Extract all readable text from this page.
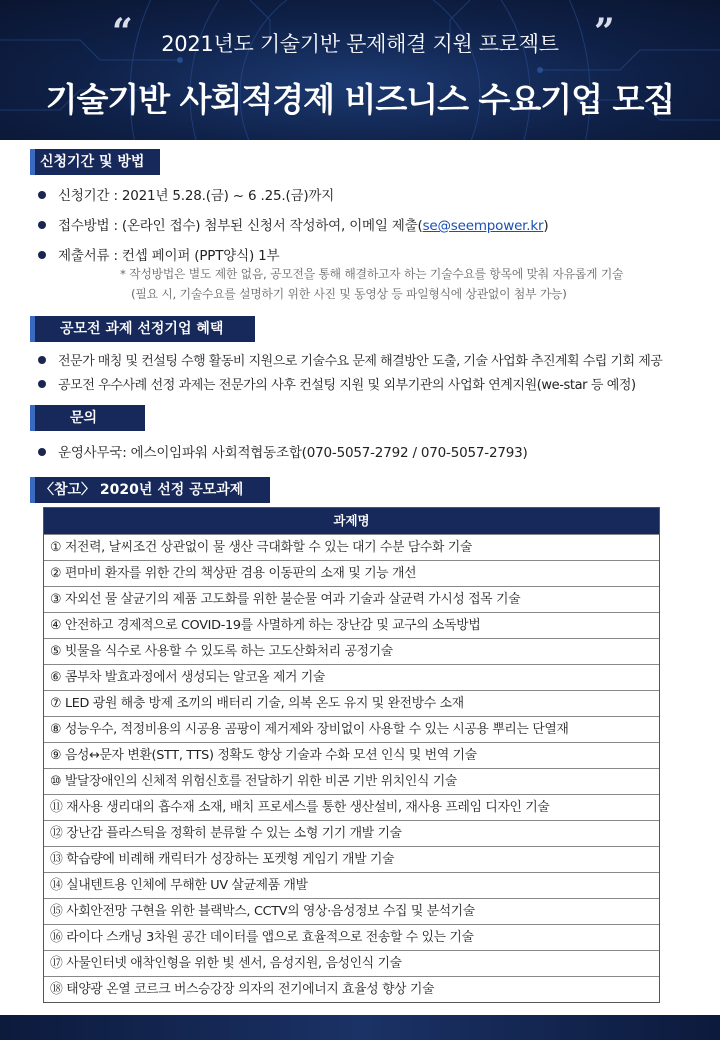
“	”
2021년도 기술기반 문제해결 지원 프로젝트
기술기반 사회적경제 비즈니스 수요기업 모집
신청기간 및 방법
신청기간 : 2021년 5.28.(금) ~ 6 .25.(금)까지
접수방법 : (온라인 접수) 첨부된 신청서 작성하여, 이메일 제출(se@seempower.kr)
제출서류 : 컨셉 페이퍼 (PPT양식) 1부
* 작성방법은 별도 제한 없음, 공모전을 통해 해결하고자 하는 기술수요를 항목에 맞춰 자유롭게 기술
(필요 시, 기술수요를 설명하기 위한 사진 및 동영상 등 파일형식에 상관없이 첨부 가능)
공모전 과제 선정기업 혜택
전문가 매칭 및 컨설팅 수행 활동비 지원으로 기술수요 문제 해결방안 도출, 기술 사업화 추진계획 수립 기회 제공
공모전 우수사례 선정 과제는 전문가의 사후 컨설팅 지원 및 외부기관의 사업화 연계지원(we-star 등 예정)
문의
운영사무국: 에스이임파워 사회적협동조합(070-5057-2792 / 070-5057-2793)
〈참고〉 2020년 선정 공모과제
과제명
① 저전력, 날씨조건 상관없이 물 생산 극대화할 수 있는 대기 수분 담수화 기술
② 편마비 환자를 위한 간의 책상판 겸용 이동판의 소재 및 기능 개선
③ 자외선 물 살균기의 제품 고도화를 위한 불순물 여과 기술과 살균력 가시성 접목 기술
④ 안전하고 경제적으로 COVID-19를 사멸하게 하는 장난감 및 교구의 소독방법
⑤ 빗물을 식수로 사용할 수 있도록 하는 고도산화처리 공정기술
⑥ 콤부차 발효과정에서 생성되는 알코올 제거 기술
⑦ LED 광원 해충 방제 조끼의 배터리 기술, 의복 온도 유지 및 완전방수 소재
⑧ 성능우수, 적정비용의 시공용 곰팡이 제거제와 장비없이 사용할 수 있는 시공용 뿌리는 단열재
⑨ 음성↔문자 변환(STT, TTS) 정확도 향상 기술과 수화 모션 인식 및 번역 기술
⑩ 발달장애인의 신체적 위험신호를 전달하기 위한 비콘 기반 위치인식 기술
⑪ 재사용 생리대의 흡수재 소재, 배치 프로세스를 통한 생산설비, 재사용 프레임 디자인 기술
⑫ 장난감 플라스틱을 정확히 분류할 수 있는 소형 기기 개발 기술
⑬ 학습량에 비례해 캐릭터가 성장하는 포켓형 게임기 개발 기술
⑭ 실내텐트용 인체에 무해한 UV 살균제품 개발
⑮ 사회안전망 구현을 위한 블랙박스, CCTV의 영상·음성정보 수집 및 분석기술
⑯ 라이다 스캐닝 3차원 공간 데이터를 앱으로 효율적으로 전송할 수 있는 기술
⑰ 사물인터넷 애착인형을 위한 빛 센서, 음성지원, 음성인식 기술
⑱ 태양광 온열 코르크 버스승강장 의자의 전기에너지 효율성 향상 기술
